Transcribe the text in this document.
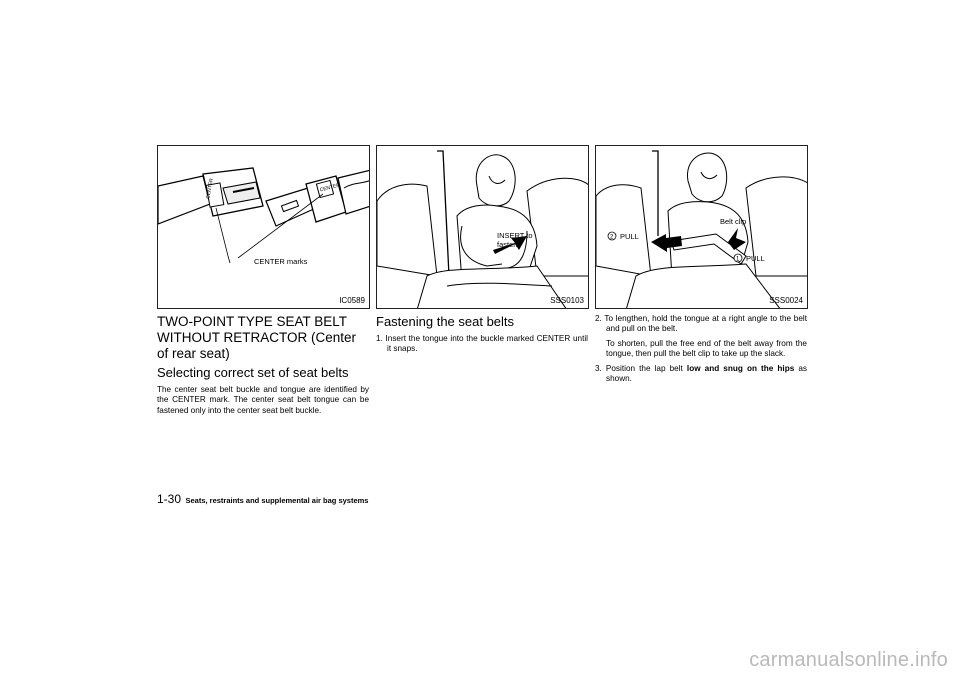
CENTER marks
CENTER	CENTER
IC0589
INSERT to
fasten
SSS0103
2 PULL
1 PULL
Belt clip
SSS0024
TWO-POINT TYPE SEAT BELT WITHOUT RETRACTOR (Center of rear seat)
Selecting correct set of seat belts

The center seat belt buckle and tongue are identified by the CENTER mark. The center seat belt tongue can be fastened only into the center seat belt buckle.

Fastening the seat belts

1. Insert the tongue into the buckle marked CENTER until it snaps.

2. To lengthen, hold the tongue at a right angle to the belt and pull on the belt.

To shorten, pull the free end of the belt away from the tongue, then pull the belt clip to take up the slack.

3. Position the lap belt low and snug on the hips as shown.

1-30 Seats, restraints and supplemental air bag systems
carmanualsonline.info
